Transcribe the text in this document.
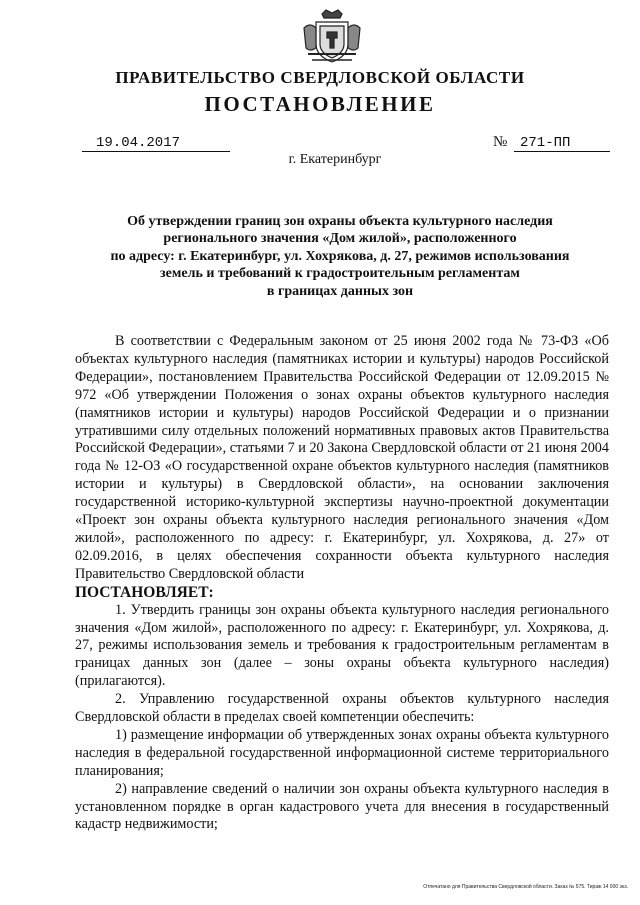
ПРАВИТЕЛЬСТВО СВЕРДЛОВСКОЙ ОБЛАСТИ
ПОСТАНОВЛЕНИЕ
19.04.2017	№ 271-ПП
г. Екатеринбург
Об утверждении границ зон охраны объекта культурного наследия
регионального значения «Дом жилой», расположенного
по адресу: г. Екатеринбург, ул. Хохрякова, д. 27, режимов использования
земель и требований к градостроительным регламентам
в границах данных зон

В соответствии с Федеральным законом от 25 июня 2002 года № 73-ФЗ «Об объектах культурного наследия (памятниках истории и культуры) народов Российской Федерации», постановлением Правительства Российской Федерации от 12.09.2015 № 972 «Об утверждении Положения о зонах охраны объектов культурного наследия (памятников истории и культуры) народов Российской Федерации и о признании утратившими силу отдельных положений нормативных правовых актов Правительства Российской Федерации», статьями 7 и 20 Закона Свердловской области от 21 июня 2004 года № 12-ОЗ «О государственной охране объектов культурного наследия (памятников истории и культуры) в Свердловской области», на основании заключения государственной историко-культурной экспертизы научно-проектной документации «Проект зон охраны объекта культурного наследия регионального значения «Дом жилой», расположенного по адресу: г. Екатеринбург, ул. Хохрякова, д. 27» от 02.09.2016, в целях обеспечения сохранности объекта культурного наследия Правительство Свердловской области

ПОСТАНОВЛЯЕТ:

1. Утвердить границы зон охраны объекта культурного наследия регионального значения «Дом жилой», расположенного по адресу: г. Екатеринбург, ул. Хохрякова, д. 27, режимы использования земель и требования к градостроительным регламентам в границах данных зон (далее – зоны охраны объекта культурного наследия) (прилагаются).

2. Управлению государственной охраны объектов культурного наследия Свердловской области в пределах своей компетенции обеспечить:

1) размещение информации об утвержденных зонах охраны объекта культурного наследия в федеральной государственной информационной системе территориального планирования;

2) направление сведений о наличии зон охраны объекта культурного наследия в установленном порядке в орган кадастрового учета для внесения в государственный кадастр недвижимости;

Отпечатано для Правительства Свердловской области. Заказ № 575. Тираж 14 000 экз.
